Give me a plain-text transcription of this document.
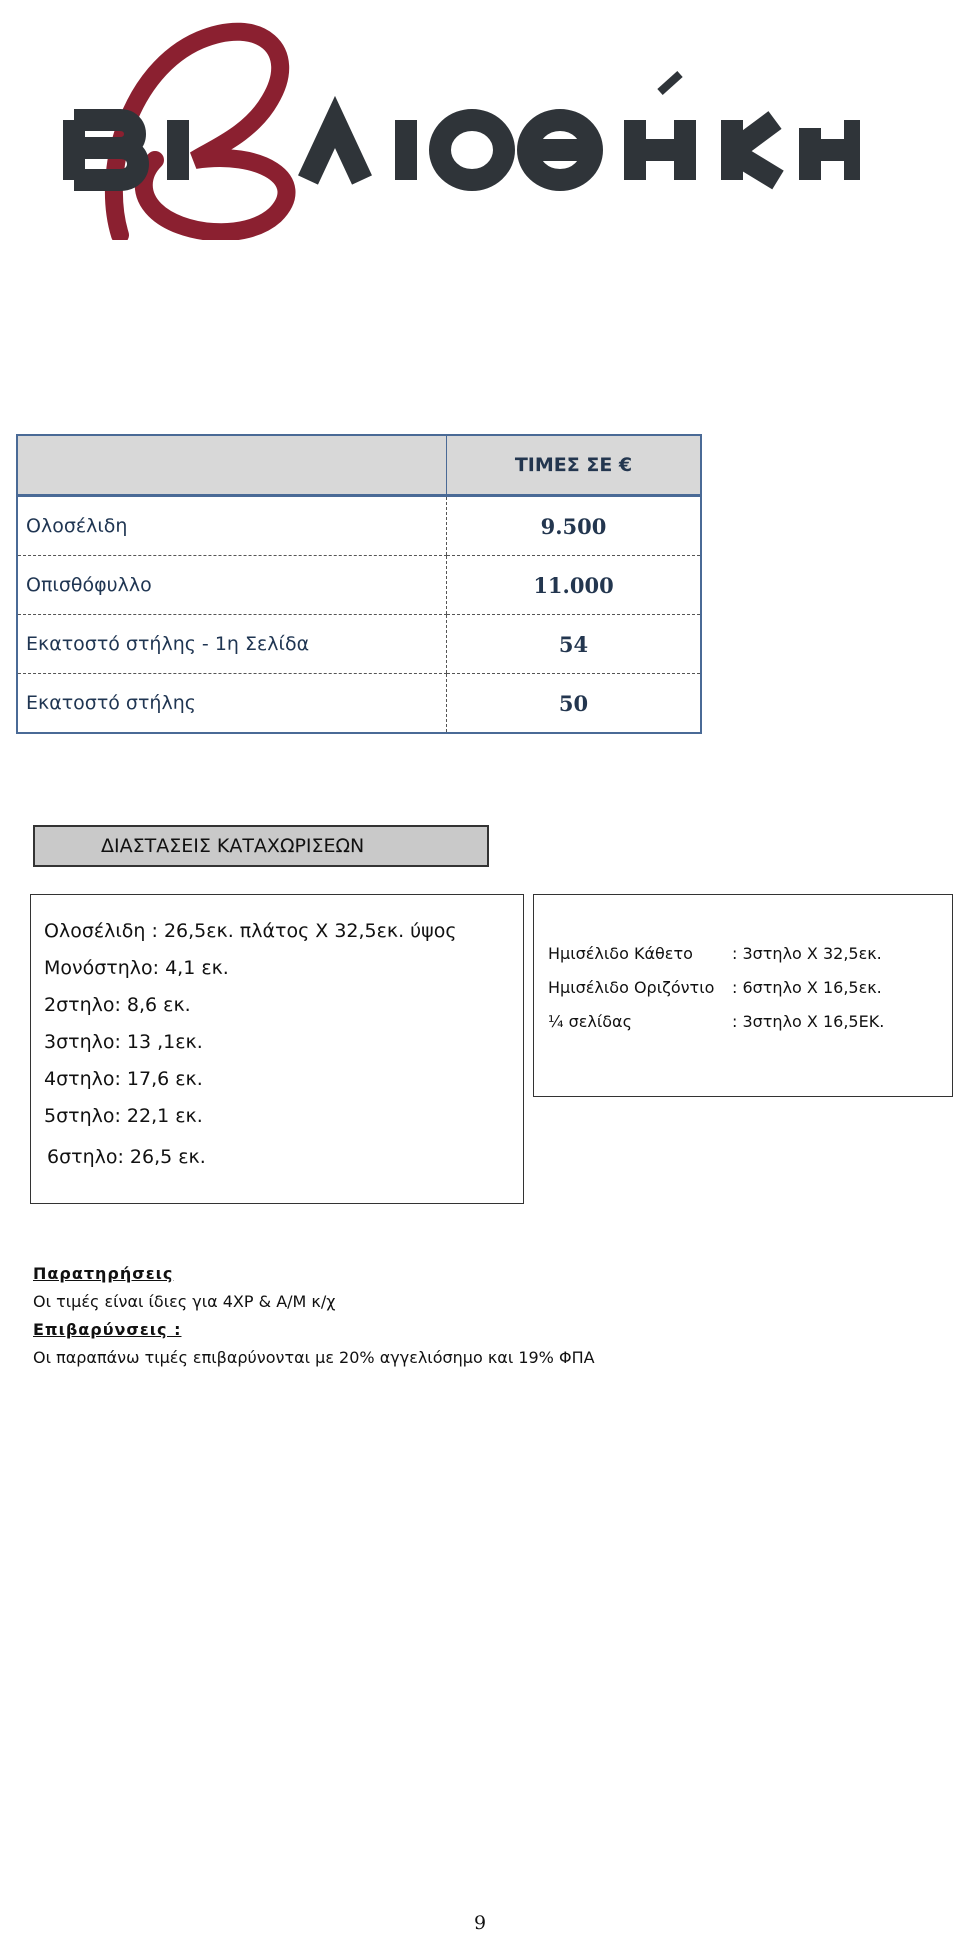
	ΤΙΜΕΣ ΣΕ €
Ολοσέλιδη	9.500
Οπισθόφυλλο	11.000
Εκατοστό στήλης - 1η Σελίδα	54
Εκατοστό στήλης	50
ΔΙΑΣΤΑΣΕΙΣ ΚΑΤΑΧΩΡΙΣΕΩΝ
Ολοσέλιδη : 26,5εκ. πλάτος Χ 32,5εκ. ύψος
Μονόστηλο: 4,1 εκ.
2στηλο: 8,6 εκ.
3στηλο: 13 ,1εκ.
4στηλο: 17,6 εκ.
5στηλο: 22,1 εκ.
6στηλο: 26,5 εκ.
Ημισέλιδο Κάθετο : 3στηλο Χ 32,5εκ.
Ημισέλιδο Οριζόντιο : 6στηλο Χ 16,5εκ.
¼ σελίδας	: 3στηλο Χ 16,5ΕΚ.
Παρατηρήσεις
Οι τιμές είναι ίδιες για 4ΧΡ & Α/Μ κ/χ
Επιβαρύνσεις :
Οι παραπάνω τιμές επιβαρύνονται με 20% αγγελιόσημο και 19% ΦΠΑ
9
